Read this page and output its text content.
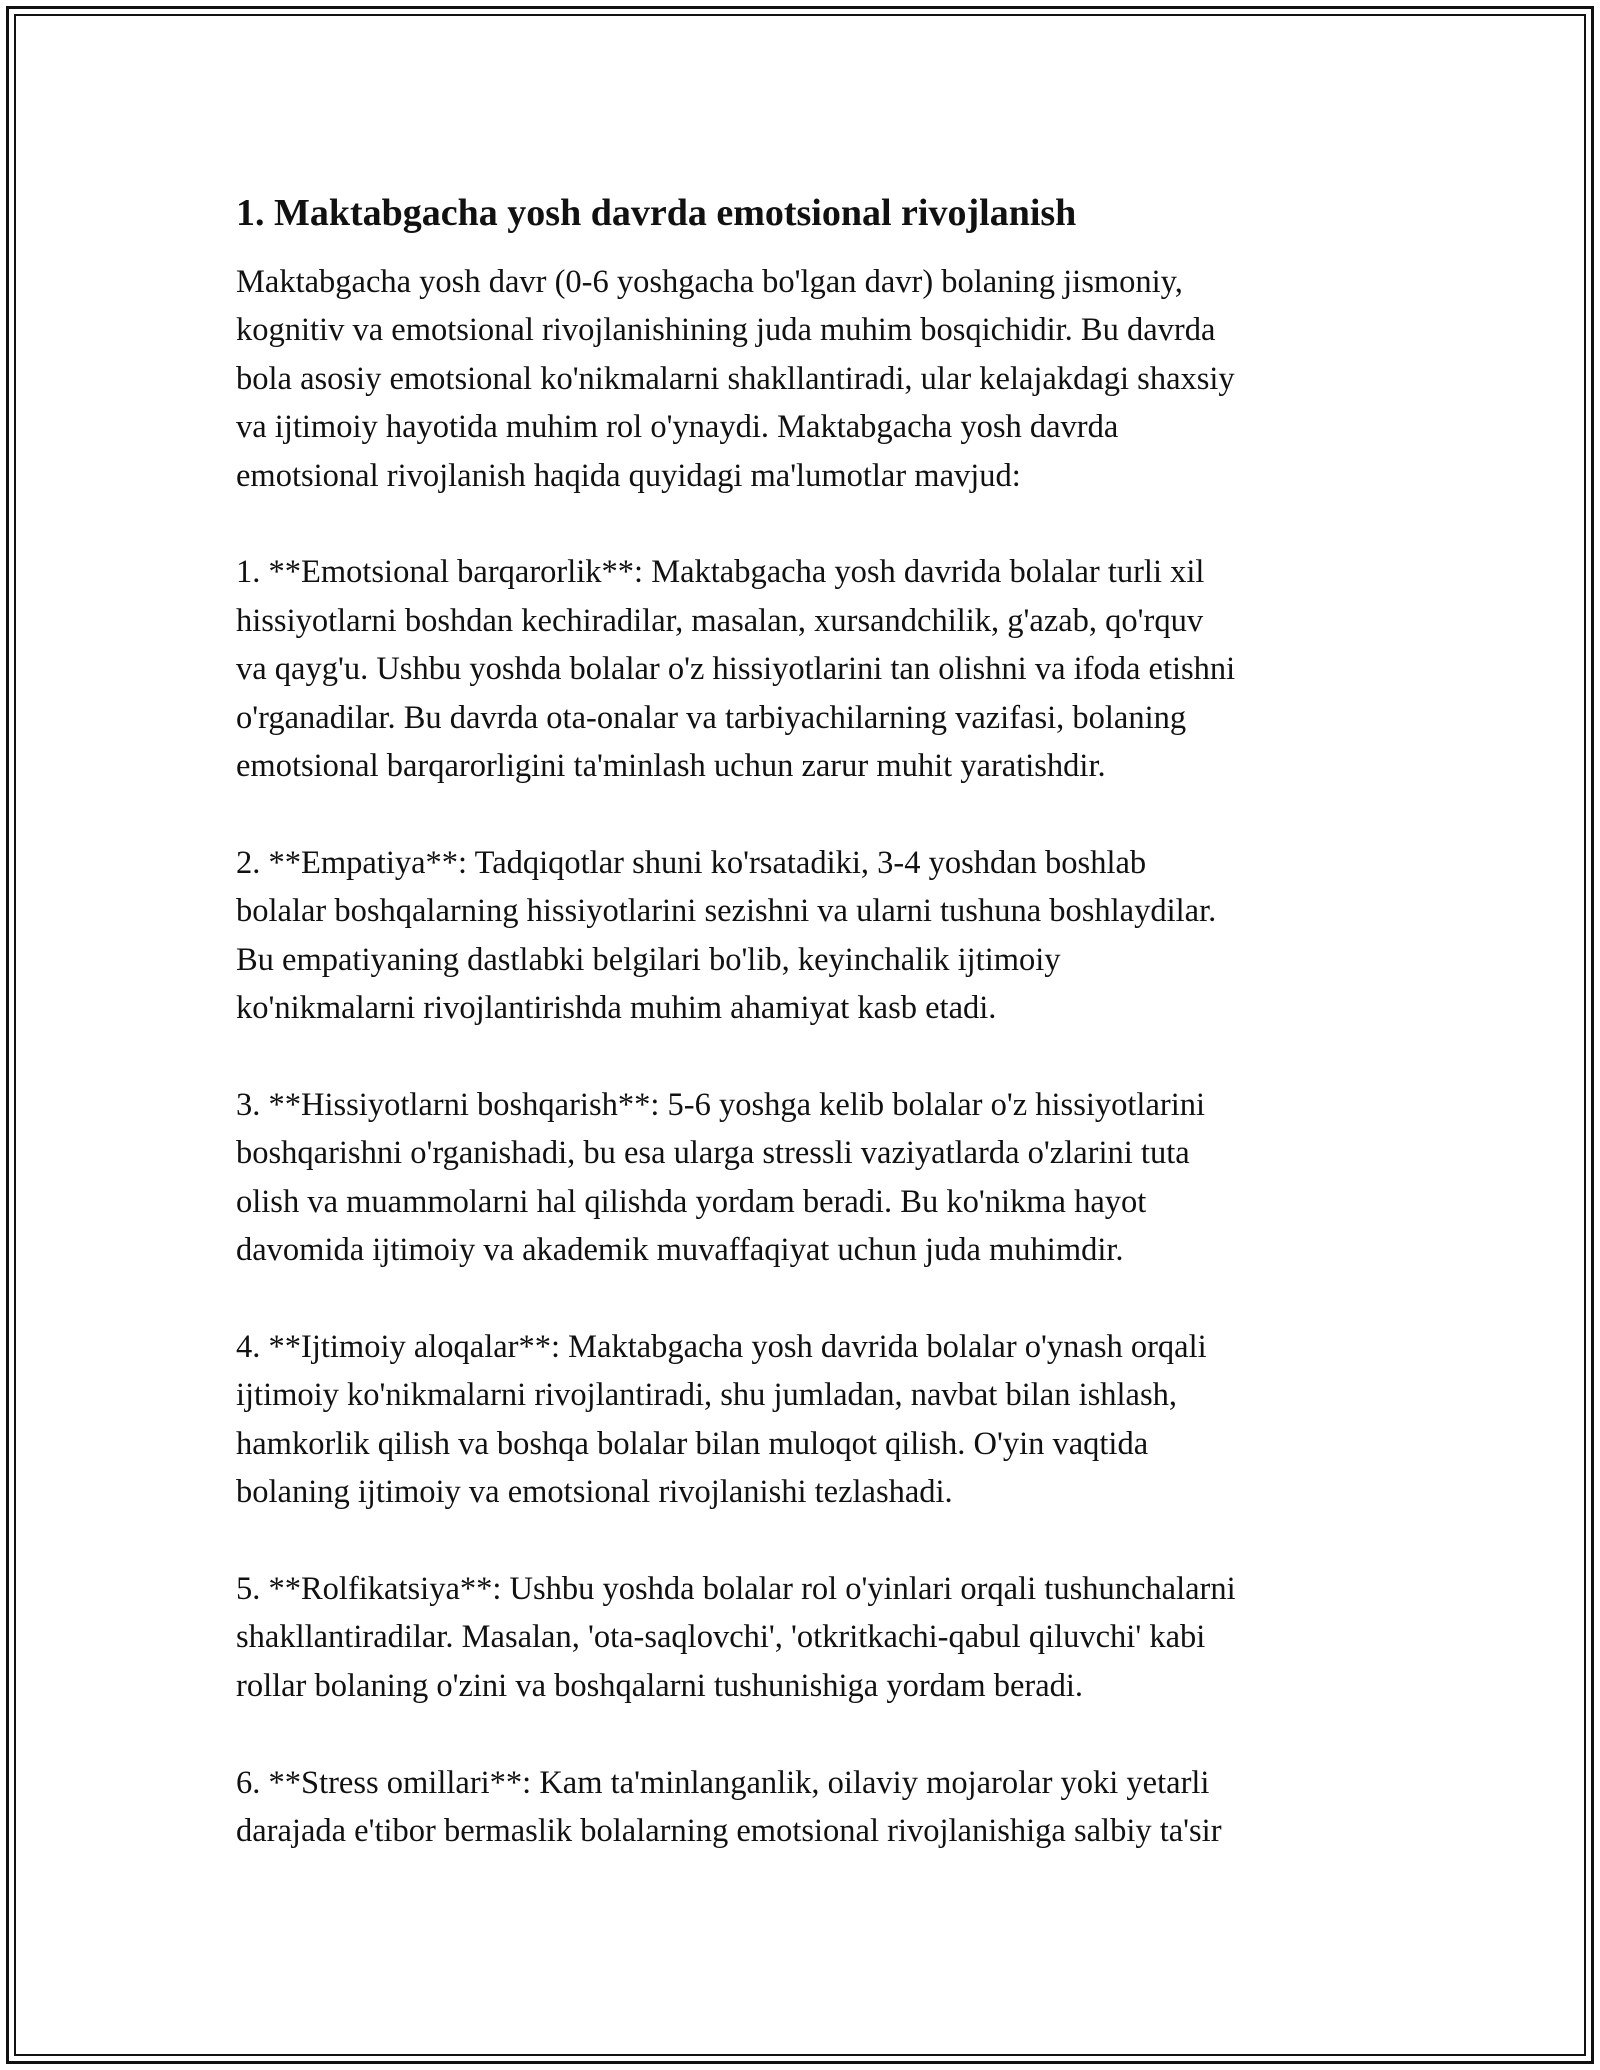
1. Maktabgacha yosh davrda emotsional rivojlanish

Maktabgacha yosh davr (0-6 yoshgacha bo'lgan davr) bolaning jismoniy,
kognitiv va emotsional rivojlanishining juda muhim bosqichidir. Bu davrda
bola asosiy emotsional ko'nikmalarni shakllantiradi, ular kelajakdagi shaxsiy
va ijtimoiy hayotida muhim rol o'ynaydi. Maktabgacha yosh davrda
emotsional rivojlanish haqida quyidagi ma'lumotlar mavjud:

1. **Emotsional barqarorlik**: Maktabgacha yosh davrida bolalar turli xil
hissiyotlarni boshdan kechiradilar, masalan, xursandchilik, g'azab, qo'rquv
va qayg'u. Ushbu yoshda bolalar o'z hissiyotlarini tan olishni va ifoda etishni
o'rganadilar. Bu davrda ota-onalar va tarbiyachilarning vazifasi, bolaning
emotsional barqarorligini ta'minlash uchun zarur muhit yaratishdir.

2. **Empatiya**: Tadqiqotlar shuni ko'rsatadiki, 3-4 yoshdan boshlab
bolalar boshqalarning hissiyotlarini sezishni va ularni tushuna boshlaydilar.
Bu empatiyaning dastlabki belgilari bo'lib, keyinchalik ijtimoiy
ko'nikmalarni rivojlantirishda muhim ahamiyat kasb etadi.

3. **Hissiyotlarni boshqarish**: 5-6 yoshga kelib bolalar o'z hissiyotlarini
boshqarishni o'rganishadi, bu esa ularga stressli vaziyatlarda o'zlarini tuta
olish va muammolarni hal qilishda yordam beradi. Bu ko'nikma hayot
davomida ijtimoiy va akademik muvaffaqiyat uchun juda muhimdir.

4. **Ijtimoiy aloqalar**: Maktabgacha yosh davrida bolalar o'ynash orqali
ijtimoiy ko'nikmalarni rivojlantiradi, shu jumladan, navbat bilan ishlash,
hamkorlik qilish va boshqa bolalar bilan muloqot qilish. O'yin vaqtida
bolaning ijtimoiy va emotsional rivojlanishi tezlashadi.

5. **Rolfikatsiya**: Ushbu yoshda bolalar rol o'yinlari orqali tushunchalarni
shakllantiradilar. Masalan, 'ota-saqlovchi', 'otkritkachi-qabul qiluvchi' kabi
rollar bolaning o'zini va boshqalarni tushunishiga yordam beradi.

6. **Stress omillari**: Kam ta'minlanganlik, oilaviy mojarolar yoki yetarli
darajada e'tibor bermaslik bolalarning emotsional rivojlanishiga salbiy ta'sir
